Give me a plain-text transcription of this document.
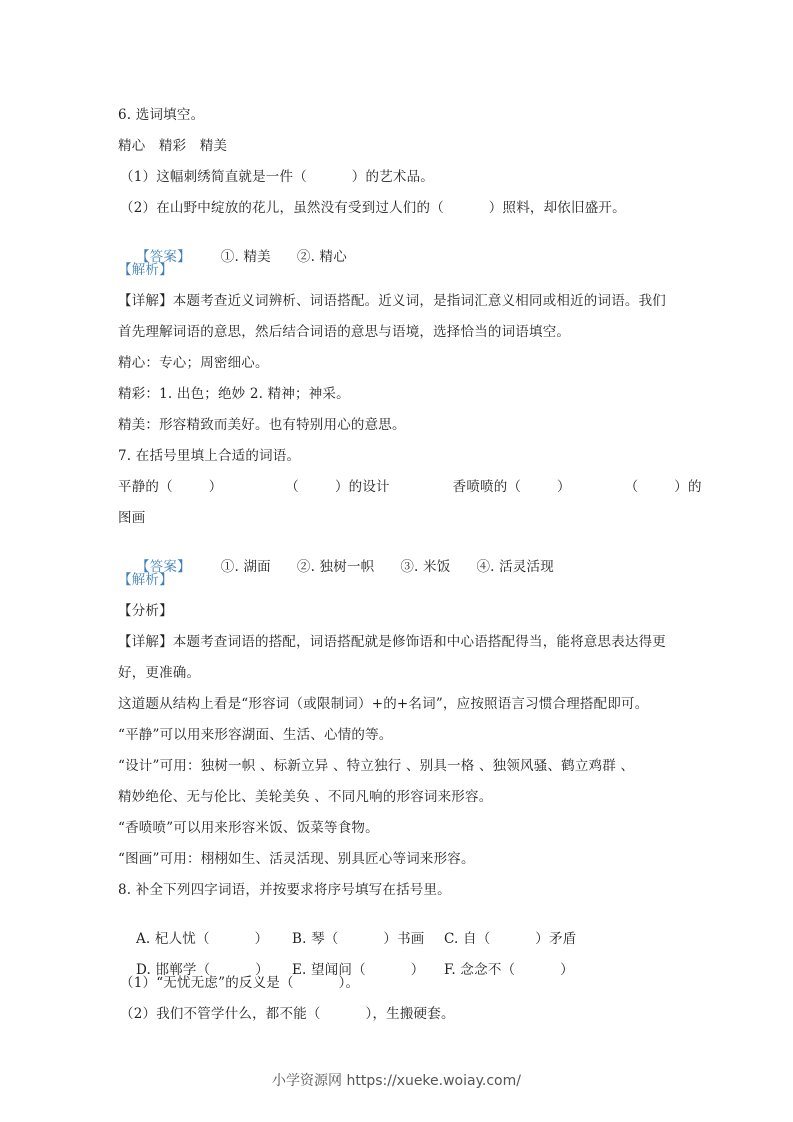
6. 选词填空。
精心   精彩   精美
（1）这幅刺绣简直就是一件（          ）的艺术品。
（2）在山野中绽放的花儿，虽然没有受到过人们的（          ）照料，却依旧盛开。

【答案】 ①. 精美 ②. 精心

【解析】
【详解】本题考查近义词辨析、词语搭配。近义词，是指词汇意义相同或相近的词语。我们
首先理解词语的意思，然后结合词语的意思与语境，选择恰当的词语填空。
精心：专心；周密细心。
精彩：1. 出色；绝妙 2. 精神；神采。
精美：形容精致而美好。也有特别用心的意思。
7. 在括号里填上合适的词语。
平静的（        ）              （        ）的设计              香喷喷的（        ）            （        ）的
图画

【答案】 ①. 湖面 ②. 独树一帜 ③. 米饭 ④. 活灵活现

【解析】
【分析】
【详解】本题考查词语的搭配，词语搭配就是修饰语和中心语搭配得当，能将意思表达得更
好，更准确。
这道题从结构上看是“形容词（或限制词）+的+名词”，应按照语言习惯合理搭配即可。
“平静”可以用来形容湖面、生活、心情的等。
“设计”可用：独树一帜 、标新立异 、特立独行 、别具一格 、独领风骚、鹤立鸡群 、
精妙绝伦、无与伦比、美轮美奂 、不同凡响的形容词来形容。
“香喷喷”可以用来形容米饭、饭菜等食物。
“图画”可用：栩栩如生、活灵活现、别具匠心等词来形容。
8. 补全下列四字词语，并按要求将序号填写在括号里。

A. 杞人忧（          ） B. 琴（          ）书画 C. 自（          ）矛盾

D. 邯郸学（          ） E. 望闻问（          ） F. 念念不（          ）

（1）“无忧无虑”的反义是（          ）。
（2）我们不管学什么，都不能（          ），生搬硬套。
小学资源网 https://xueke.woiay.com/
